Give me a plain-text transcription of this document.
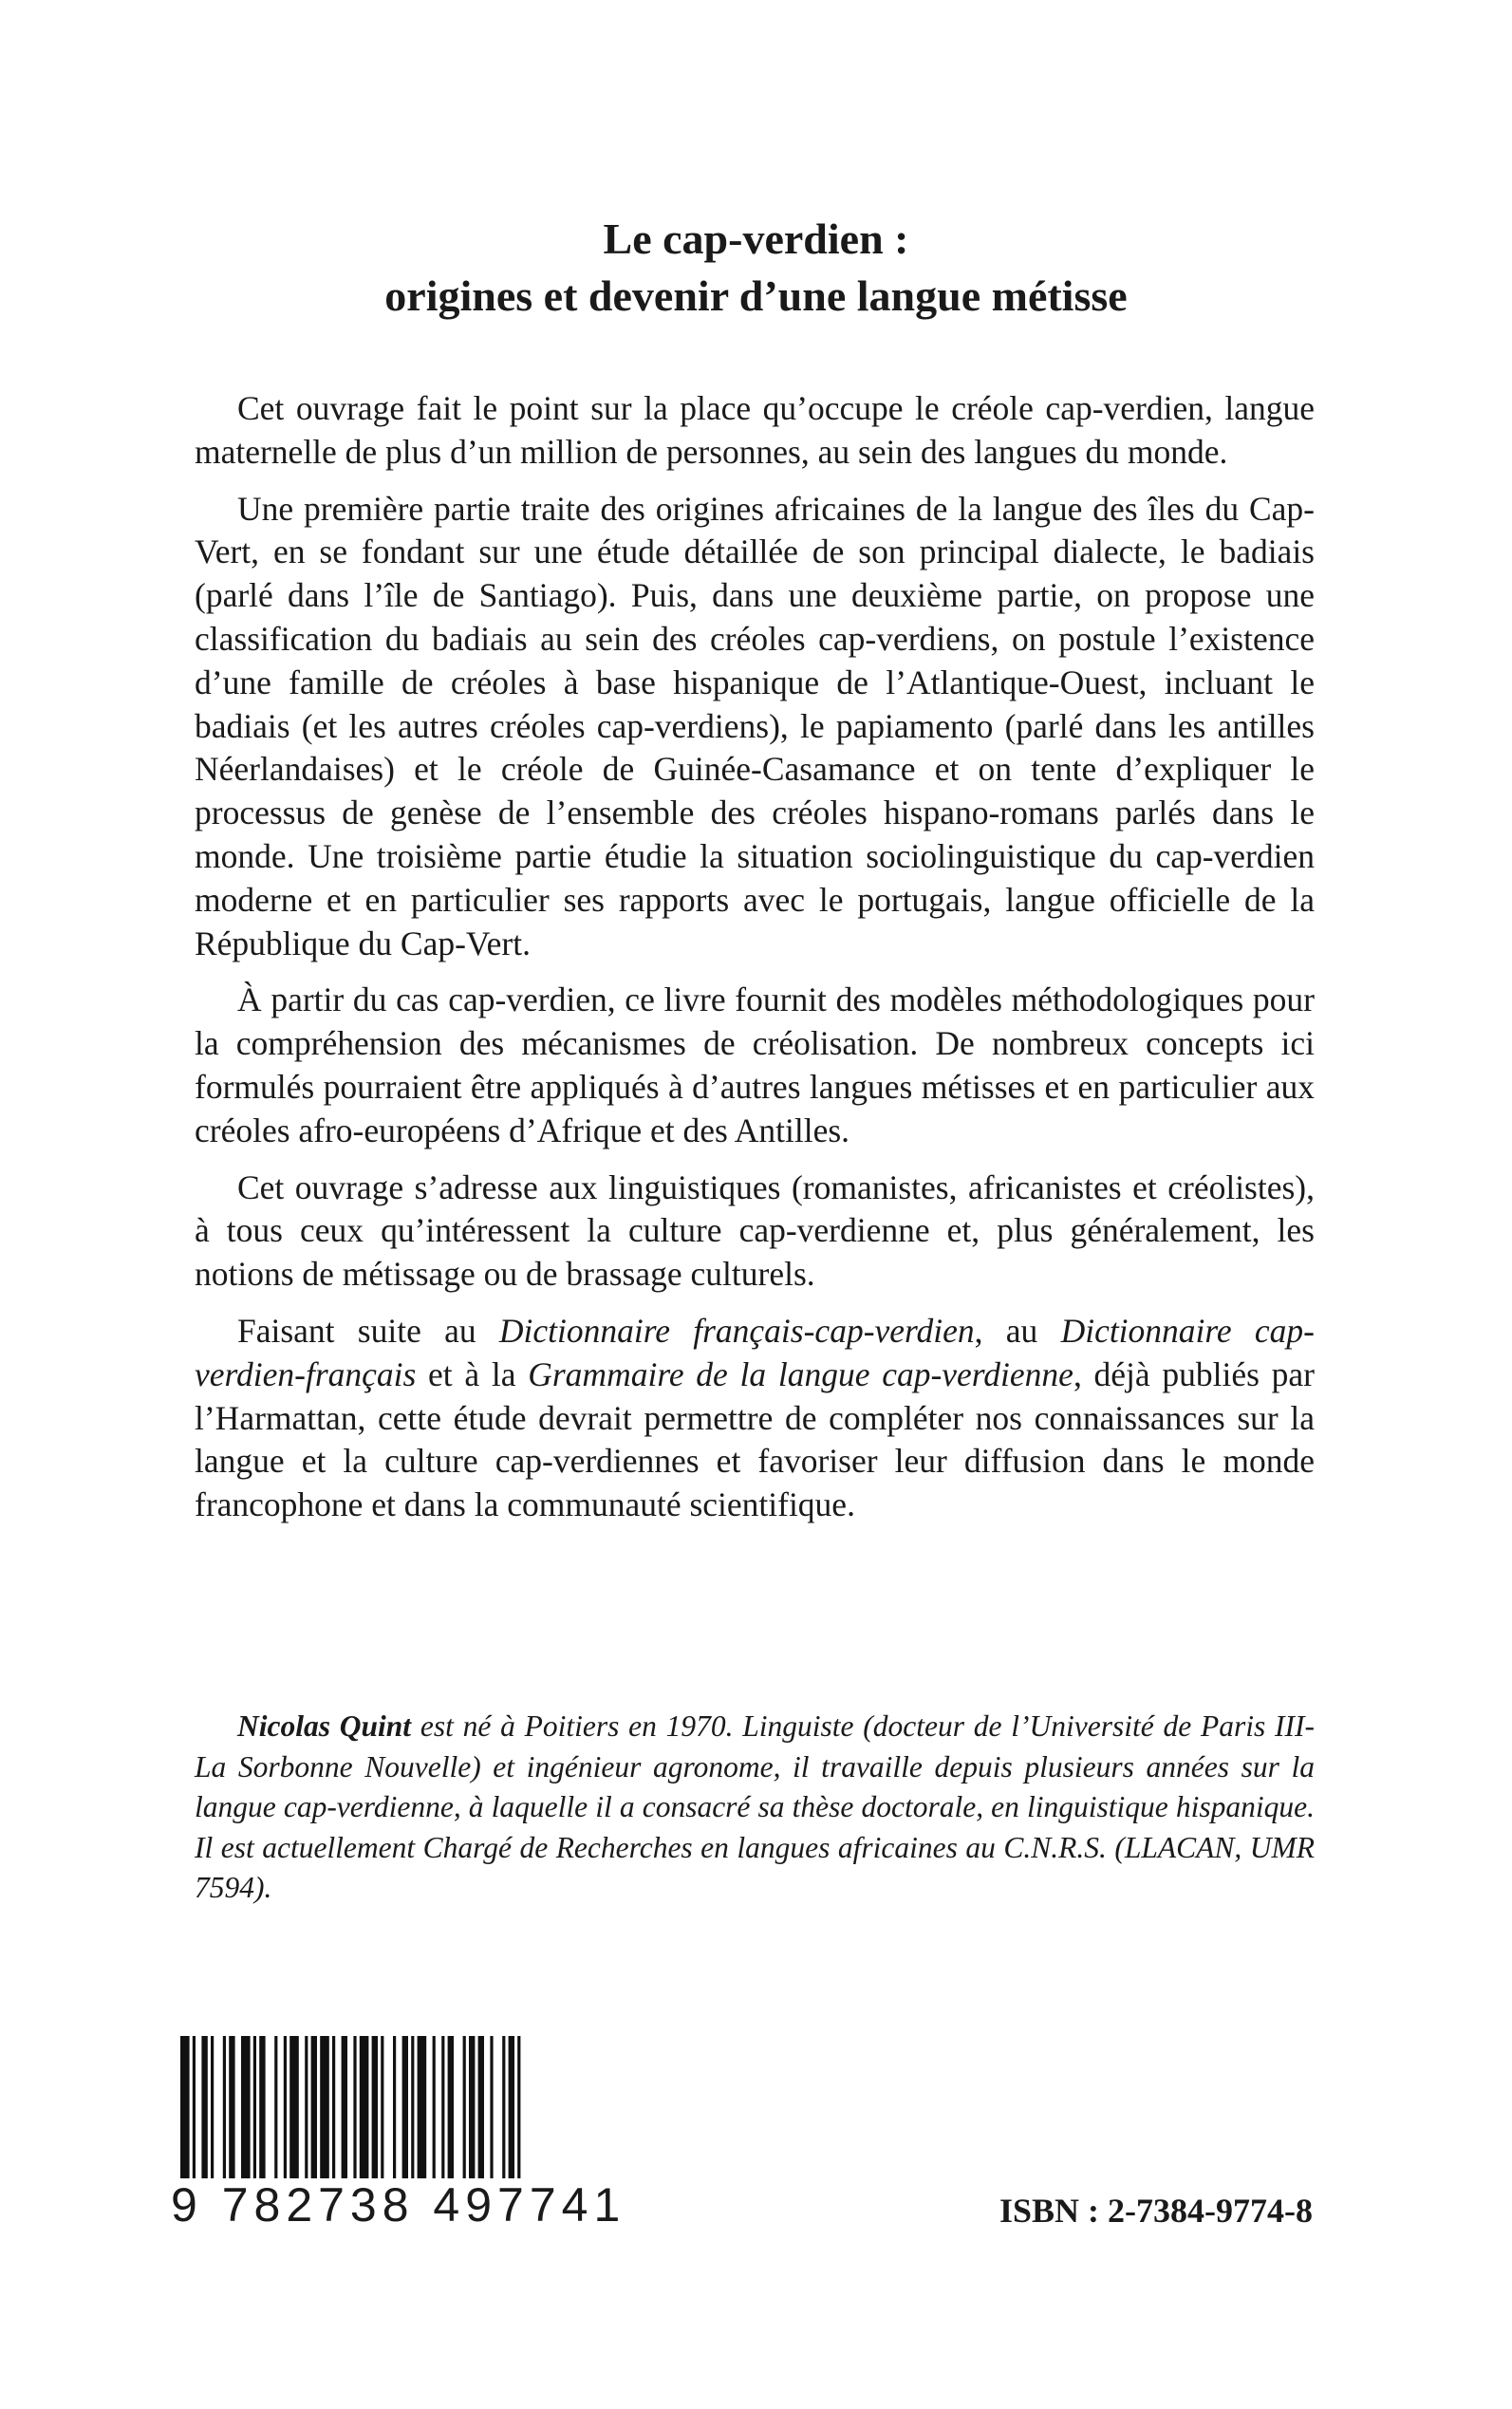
Le cap-verdien :
origines et devenir d’une langue métisse

Cet ouvrage fait le point sur la place qu’occupe le créole cap-verdien, langue maternelle de plus d’un million de personnes, au sein des langues du monde.

Une première partie traite des origines africaines de la langue des îles du Cap-Vert, en se fondant sur une étude détaillée de son principal dialecte, le badiais (parlé dans l’île de Santiago). Puis, dans une deuxième partie, on propose une classification du badiais au sein des créoles cap-verdiens, on postule l’existence d’une famille de créoles à base hispanique de l’Atlantique-Ouest, incluant le badiais (et les autres créoles cap-verdiens), le papiamento (parlé dans les antilles Néerlandaises) et le créole de Guinée-Casamance et on tente d’expliquer le processus de genèse de l’ensemble des créoles hispano-romans parlés dans le monde. Une troisième partie étudie la situation sociolinguistique du cap-verdien moderne et en particulier ses rapports avec le portugais, langue officielle de la République du Cap-Vert.

À partir du cas cap-verdien, ce livre fournit des modèles méthodologiques pour la compréhension des mécanismes de créolisation. De nombreux concepts ici formulés pourraient être appliqués à d’autres langues métisses et en particulier aux créoles afro-européens d’Afrique et des Antilles.

Cet ouvrage s’adresse aux linguistiques (romanistes, africanistes et créolistes), à tous ceux qu’intéressent la culture cap-verdienne et, plus généralement, les notions de métissage ou de brassage culturels.

Faisant suite au Dictionnaire français-cap-verdien, au Dictionnaire cap-verdien-français et à la Grammaire de la langue cap-verdienne, déjà publiés par l’Harmattan, cette étude devrait permettre de compléter nos connaissances sur la langue et la culture cap-verdiennes et favoriser leur diffusion dans le monde francophone et dans la communauté scientifique.

Nicolas Quint est né à Poitiers en 1970. Linguiste (docteur de l’Université de Paris III-La Sorbonne Nouvelle) et ingénieur agronome, il travaille depuis plusieurs années sur la langue cap-verdienne, à laquelle il a consacré sa thèse doctorale, en linguistique hispanique. Il est actuellement Chargé de Recherches en langues africaines au C.N.R.S. (LLACAN, UMR 7594).

9 782738 497741	ISBN : 2-7384-9774-8
